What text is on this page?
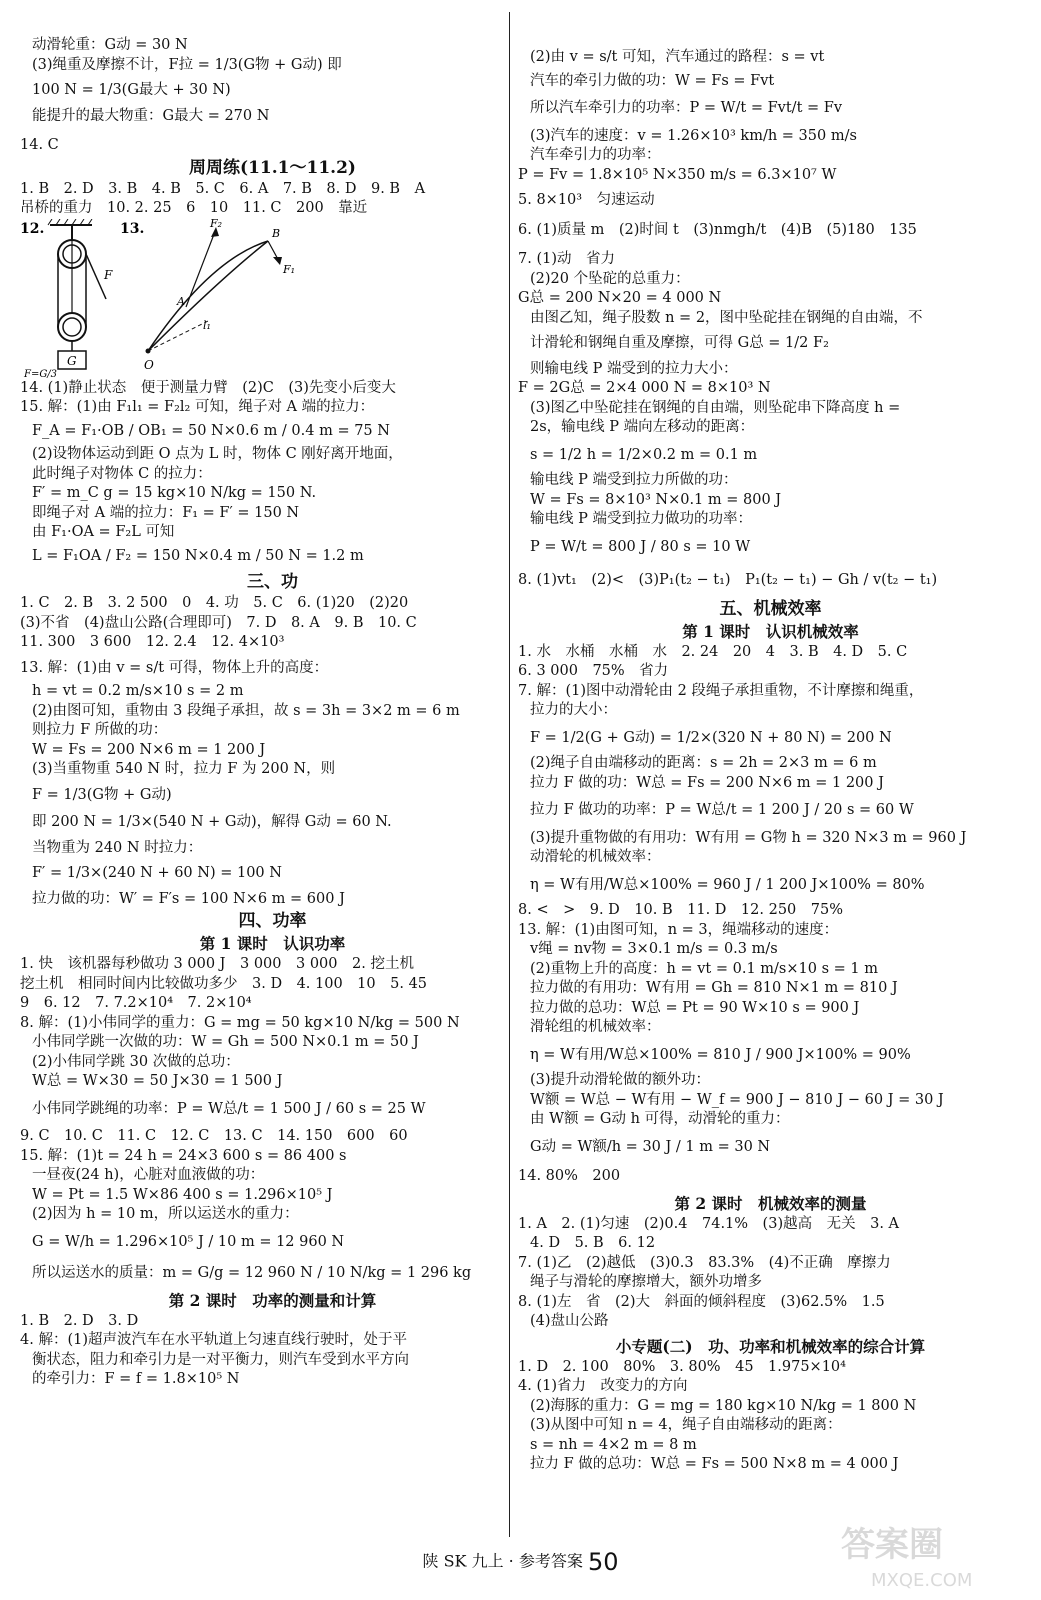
动滑轮重：G动 = 30 N
(3)绳重及摩擦不计，F拉 = 1/3(G物 + G动) 即
100 N = 1/3(G最大 + 30 N)
能提升的最大物重：G最大 = 270 N
14. C
周周练(11.1～11.2)
1. B　2. D　3. B　4. B　5. C　6. A　7. B　8. D　9. B　A
吊桥的重力　10. 2. 25　6　10　11. C　200　靠近
12.	13.
F
G
F₂
A
B
F₁
l₁
O
F=G/3
14. (1)静止状态　便于测量力臂　(2)C　(3)先变小后变大
15. 解：(1)由 F₁l₁ = F₂l₂ 可知，绳子对 A 端的拉力：
F_A = F₁·OB / OB₁ = 50 N×0.6 m / 0.4 m = 75 N
(2)设物体运动到距 O 点为 L 时，物体 C 刚好离开地面，
此时绳子对物体 C 的拉力：
F′ = m_C g = 15 kg×10 N/kg = 150 N.
即绳子对 A 端的拉力：F₁ = F′ = 150 N
由 F₁·OA = F₂L 可知
L = F₁OA / F₂ = 150 N×0.4 m / 50 N = 1.2 m
三、功
1. C　2. B　3. 2 500　0　4. 功　5. C　6. (1)20　(2)20
(3)不省　(4)盘山公路(合理即可)　7. D　8. A　9. B　10. C
11. 300　3 600　12. 2.4　12. 4×10³
13. 解：(1)由 v = s/t 可得，物体上升的高度：
h = vt = 0.2 m/s×10 s = 2 m
(2)由图可知，重物由 3 段绳子承担，故 s = 3h = 3×2 m = 6 m
则拉力 F 所做的功：
W = Fs = 200 N×6 m = 1 200 J
(3)当重物重 540 N 时，拉力 F 为 200 N，则
F = 1/3(G物 + G动)
即 200 N = 1/3×(540 N + G动)，解得 G动 = 60 N.
当物重为 240 N 时拉力：
F′ = 1/3×(240 N + 60 N) = 100 N
拉力做的功：W′ = F′s = 100 N×6 m = 600 J
四、功率
第 1 课时　认识功率
1. 快　该机器每秒做功 3 000 J　3 000　3 000　2. 挖土机
挖土机　相同时间内比较做功多少　3. D　4. 100　10　5. 45
9　6. 12　7. 7.2×10⁴　7. 2×10⁴
8. 解：(1)小伟同学的重力：G = mg = 50 kg×10 N/kg = 500 N
小伟同学跳一次做的功：W = Gh = 500 N×0.1 m = 50 J
(2)小伟同学跳 30 次做的总功：
W总 = W×30 = 50 J×30 = 1 500 J
小伟同学跳绳的功率：P = W总/t = 1 500 J / 60 s = 25 W
9. C　10. C　11. C　12. C　13. C　14. 150　600　60
15. 解：(1)t = 24 h = 24×3 600 s = 86 400 s
一昼夜(24 h)，心脏对血液做的功：
W = Pt = 1.5 W×86 400 s = 1.296×10⁵ J
(2)因为 h = 10 m，所以运送水的重力：
G = W/h = 1.296×10⁵ J / 10 m = 12 960 N
所以运送水的质量：m = G/g = 12 960 N / 10 N/kg = 1 296 kg
第 2 课时　功率的测量和计算
1. B　2. D　3. D
4. 解：(1)超声波汽车在水平轨道上匀速直线行驶时，处于平
衡状态，阻力和牵引力是一对平衡力，则汽车受到水平方向
的牵引力：F = f = 1.8×10⁵ N
(2)由 v = s/t 可知，汽车通过的路程：s = vt
汽车的牵引力做的功：W = Fs = Fvt
所以汽车牵引力的功率：P = W/t = Fvt/t = Fv
(3)汽车的速度：v = 1.26×10³ km/h = 350 m/s
汽车牵引力的功率：
P = Fv = 1.8×10⁵ N×350 m/s = 6.3×10⁷ W
5. 8×10³　匀速运动
6. (1)质量 m　(2)时间 t　(3)nmgh/t　(4)B　(5)180　135
7. (1)动　省力
(2)20 个坠砣的总重力：
G总 = 200 N×20 = 4 000 N
由图乙知，绳子股数 n = 2，图中坠砣挂在钢绳的自由端，不
计滑轮和钢绳自重及摩擦，可得 G总 = 1/2 F₂
则输电线 P 端受到的拉力大小：
F = 2G总 = 2×4 000 N = 8×10³ N
(3)图乙中坠砣挂在钢绳的自由端，则坠砣串下降高度 h =
2s，输电线 P 端向左移动的距离：
s = 1/2 h = 1/2×0.2 m = 0.1 m
输电线 P 端受到拉力所做的功：
W = Fs = 8×10³ N×0.1 m = 800 J
输电线 P 端受到拉力做功的功率：
P = W/t = 800 J / 80 s = 10 W
8. (1)vt₁　(2)<　(3)P₁(t₂ − t₁)　P₁(t₂ − t₁) − Gh / v(t₂ − t₁)
五、机械效率
第 1 课时　认识机械效率
1. 水　水桶　水桶　水　2. 24　20　4　3. B　4. D　5. C
6. 3 000　75%　省力
7. 解：(1)图中动滑轮由 2 段绳子承担重物，不计摩擦和绳重，
拉力的大小：
F = 1/2(G + G动) = 1/2×(320 N + 80 N) = 200 N
(2)绳子自由端移动的距离：s = 2h = 2×3 m = 6 m
拉力 F 做的功：W总 = Fs = 200 N×6 m = 1 200 J
拉力 F 做功的功率：P = W总/t = 1 200 J / 20 s = 60 W
(3)提升重物做的有用功：W有用 = G物 h = 320 N×3 m = 960 J
动滑轮的机械效率：
η = W有用/W总×100% = 960 J / 1 200 J×100% = 80%
8. <　>　9. D　10. B　11. D　12. 250　75%
13. 解：(1)由图可知，n = 3，绳端移动的速度：
v绳 = nv物 = 3×0.1 m/s = 0.3 m/s
(2)重物上升的高度：h = vt = 0.1 m/s×10 s = 1 m
拉力做的有用功：W有用 = Gh = 810 N×1 m = 810 J
拉力做的总功：W总 = Pt = 90 W×10 s = 900 J
滑轮组的机械效率：
η = W有用/W总×100% = 810 J / 900 J×100% = 90%
(3)提升动滑轮做的额外功：
W额 = W总 − W有用 − W_f = 900 J − 810 J − 60 J = 30 J
由 W额 = G动 h 可得，动滑轮的重力：
G动 = W额/h = 30 J / 1 m = 30 N
14. 80%　200
第 2 课时　机械效率的测量
1. A　2. (1)匀速　(2)0.4　74.1%　(3)越高　无关　3. A
4. D　5. B　6. 12
7. (1)乙　(2)越低　(3)0.3　83.3%　(4)不正确　摩擦力
绳子与滑轮的摩擦增大，额外功增多
8. (1)左　省　(2)大　斜面的倾斜程度　(3)62.5%　1.5
(4)盘山公路
小专题(二)　功、功率和机械效率的综合计算
1. D　2. 100　80%　3. 80%　45　1.975×10⁴
4. (1)省力　改变力的方向
(2)海豚的重力：G = mg = 180 kg×10 N/kg = 1 800 N
(3)从图中可知 n = 4，绳子自由端移动的距离：
s = nh = 4×2 m = 8 m
拉力 F 做的总功：W总 = Fs = 500 N×8 m = 4 000 J
陕 SK 九上 · 参考答案 50	答案圈
MXQE.COM
